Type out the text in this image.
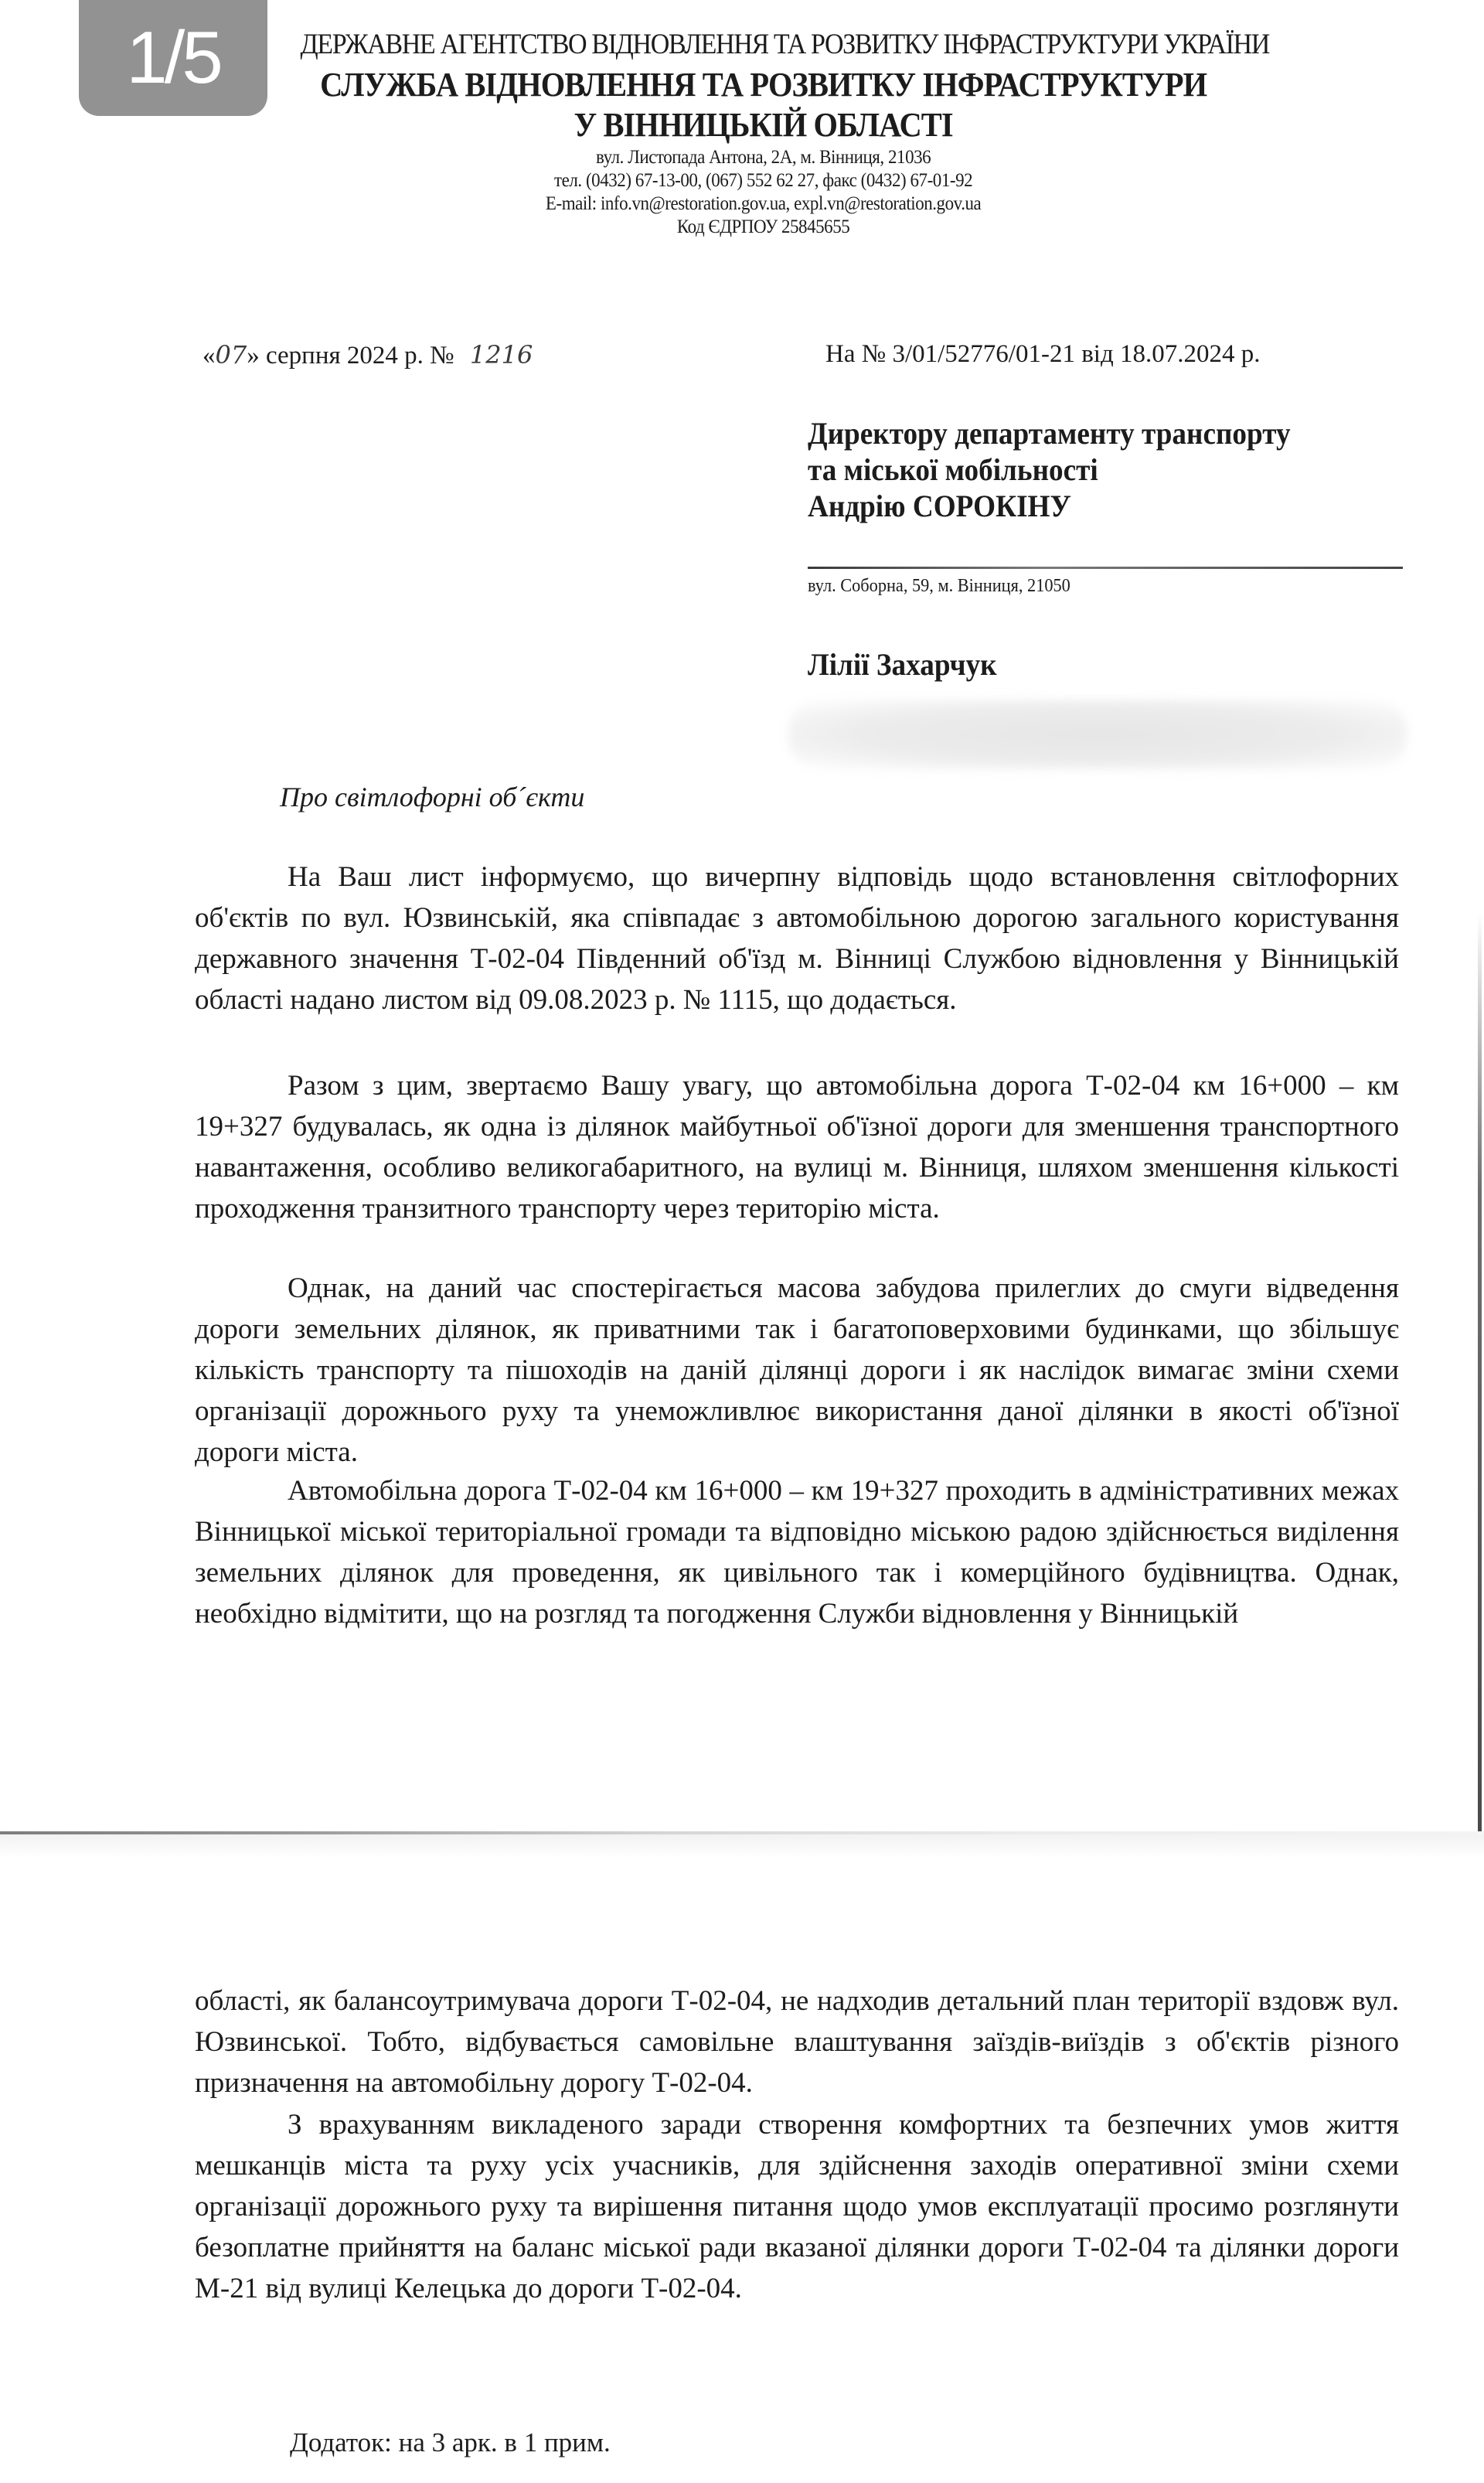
1/5	ДЕРЖАВНЕ АГЕНТСТВО ВІДНОВЛЕННЯ ТА РОЗВИТКУ ІНФРАСТРУКТУРИ УКРАЇНИ
СЛУЖБА ВІДНОВЛЕННЯ ТА РОЗВИТКУ ІНФРАСТРУКТУРИ
У ВІННИЦЬКІЙ ОБЛАСТІ
вул. Листопада Антона, 2А, м. Вінниця, 21036
тел. (0432) 67-13-00, (067) 552 62 27, факс (0432) 67-01-92
E-mail: info.vn@restoration.gov.ua, expl.vn@restoration.gov.ua
Код ЄДРПОУ 25845655
«07» серпня 2024 р. № 1216	На № 3/01/52776/01-21 від 18.07.2024 р.
Директору департаменту транспорту
та міської мобільності
Андрію СОРОКІНУ
вул. Соборна, 59, м. Вінниця, 21050
Лілії Захарчук
Про світлофорні об´єкти
На Ваш лист інформуємо, що вичерпну відповідь щодо встановлення світлофорних об'єктів по вул. Юзвинській, яка співпадає з автомобільною дорогою загального користування державного значення Т-02-04 Південний об'їзд м. Вінниці Службою відновлення у Вінницькій області надано листом від 09.08.2023 р. № 1115, що додається.
Разом з цим, звертаємо Вашу увагу, що автомобільна дорога Т-02-04 км 16+000 – км 19+327 будувалась, як одна із ділянок майбутньої об'їзної дороги для зменшення транспортного навантаження, особливо великогабаритного, на вулиці м. Вінниця, шляхом зменшення кількості проходження транзитного транспорту через територію міста.
Однак, на даний час спостерігається масова забудова прилеглих до смуги відведення дороги земельних ділянок, як приватними так і багатоповерховими будинками, що збільшує кількість транспорту та пішоходів на даній ділянці дороги і як наслідок вимагає зміни схеми організації дорожнього руху та унеможливлює використання даної ділянки в якості об'їзної дороги міста.
Автомобільна дорога Т-02-04 км 16+000 – км 19+327 проходить в адміністративних межах Вінницької міської територіальної громади та відповідно міською радою здійснюється виділення земельних ділянок для проведення, як цивільного так і комерційного будівництва. Однак, необхідно відмітити, що на розгляд та погодження Служби відновлення у Вінницькій
області, як балансоутримувача дороги Т-02-04, не надходив детальний план території вздовж вул. Юзвинської. Тобто, відбувається самовільне влаштування заїздів-виїздів з об'єктів різного призначення на автомобільну дорогу Т-02-04.
З врахуванням викладеного заради створення комфортних та безпечних умов життя мешканців міста та руху усіх учасників, для здійснення заходів оперативної зміни схеми організації дорожнього руху та вирішення питання щодо умов експлуатації просимо розглянути безоплатне прийняття на баланс міської ради вказаної ділянки дороги Т-02-04 та ділянки дороги М-21 від вулиці Келецька до дороги Т-02-04.
Додаток: на 3 арк. в 1 прим.
